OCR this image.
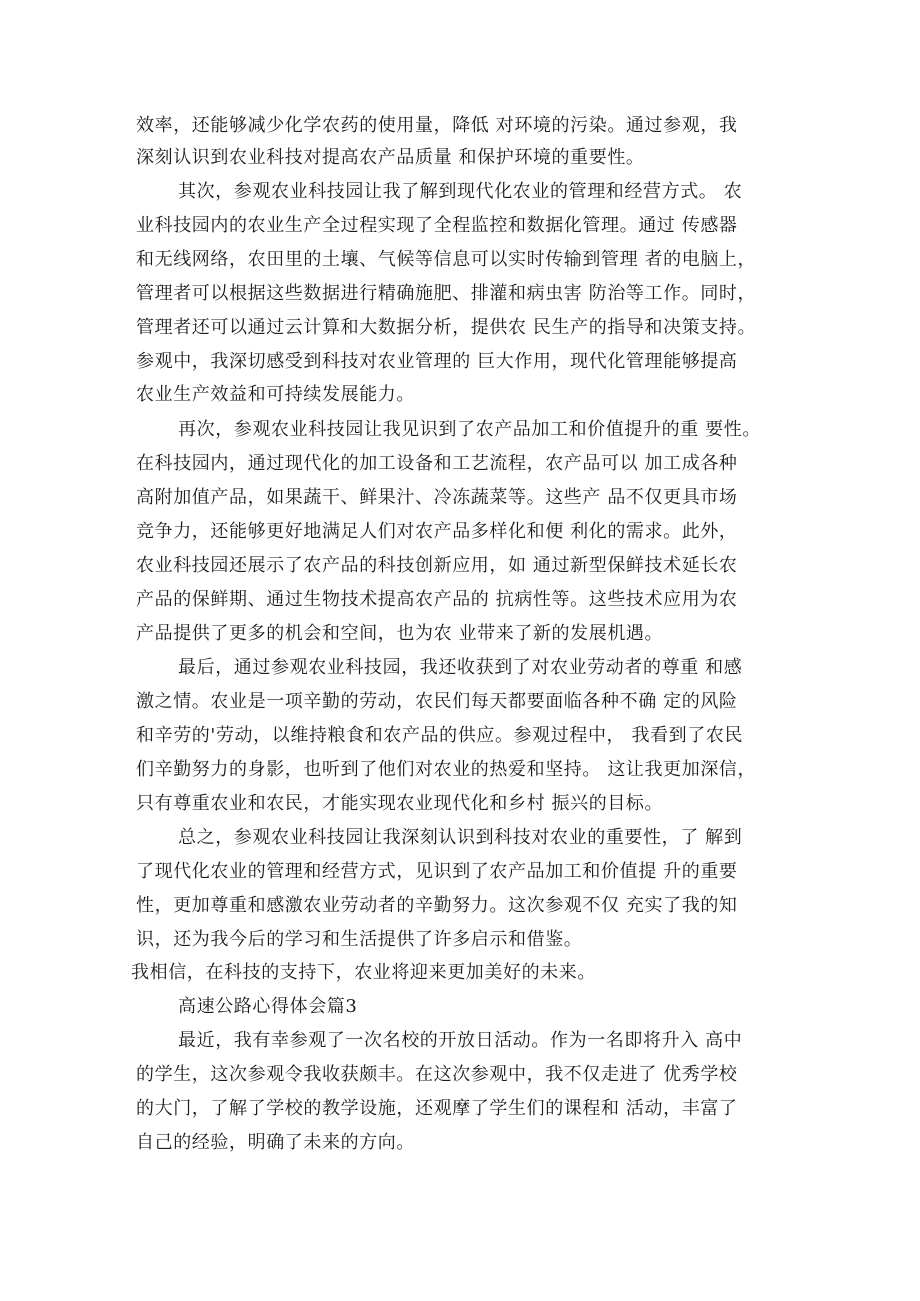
效率，还能够减少化学农药的使用量，降低 对环境的污染。通过参观，我
深刻认识到农业科技对提高农产品质量 和保护环境的重要性。
其次，参观农业科技园让我了解到现代化农业的管理和经营方式。 农
业科技园内的农业生产全过程实现了全程监控和数据化管理。通过 传感器
和无线网络，农田里的土壤、气候等信息可以实时传输到管理 者的电脑上，
管理者可以根据这些数据进行精确施肥、排灌和病虫害 防治等工作。同时，
管理者还可以通过云计算和大数据分析，提供农 民生产的指导和决策支持。
参观中，我深切感受到科技对农业管理的 巨大作用，现代化管理能够提高
农业生产效益和可持续发展能力。
再次，参观农业科技园让我见识到了农产品加工和价值提升的重 要性。
在科技园内，通过现代化的加工设备和工艺流程，农产品可以 加工成各种
高附加值产品，如果蔬干、鲜果汁、冷冻蔬菜等。这些产 品不仅更具市场
竞争力，还能够更好地满足人们对农产品多样化和便 利化的需求。此外，
农业科技园还展示了农产品的科技创新应用，如 通过新型保鲜技术延长农
产品的保鲜期、通过生物技术提高农产品的 抗病性等。这些技术应用为农
产品提供了更多的机会和空间，也为农 业带来了新的发展机遇。
最后，通过参观农业科技园，我还收获到了对农业劳动者的尊重 和感
激之情。农业是一项辛勤的劳动，农民们每天都要面临各种不确 定的风险
和辛劳的'劳动，以维持粮食和农产品的供应。参观过程中， 我看到了农民
们辛勤努力的身影，也听到了他们对农业的热爱和坚持。 这让我更加深信，
只有尊重农业和农民，才能实现农业现代化和乡村 振兴的目标。
总之，参观农业科技园让我深刻认识到科技对农业的重要性，了 解到
了现代化农业的管理和经营方式，见识到了农产品加工和价值提 升的重要
性，更加尊重和感激农业劳动者的辛勤努力。这次参观不仅 充实了我的知
识，还为我今后的学习和生活提供了许多启示和借鉴。
我相信，在科技的支持下，农业将迎来更加美好的未来。
高速公路心得体会篇3
最近，我有幸参观了一次名校的开放日活动。作为一名即将升入 高中
的学生，这次参观令我收获颇丰。在这次参观中，我不仅走进了 优秀学校
的大门，了解了学校的教学设施，还观摩了学生们的课程和 活动，丰富了
自己的经验，明确了未来的方向。
